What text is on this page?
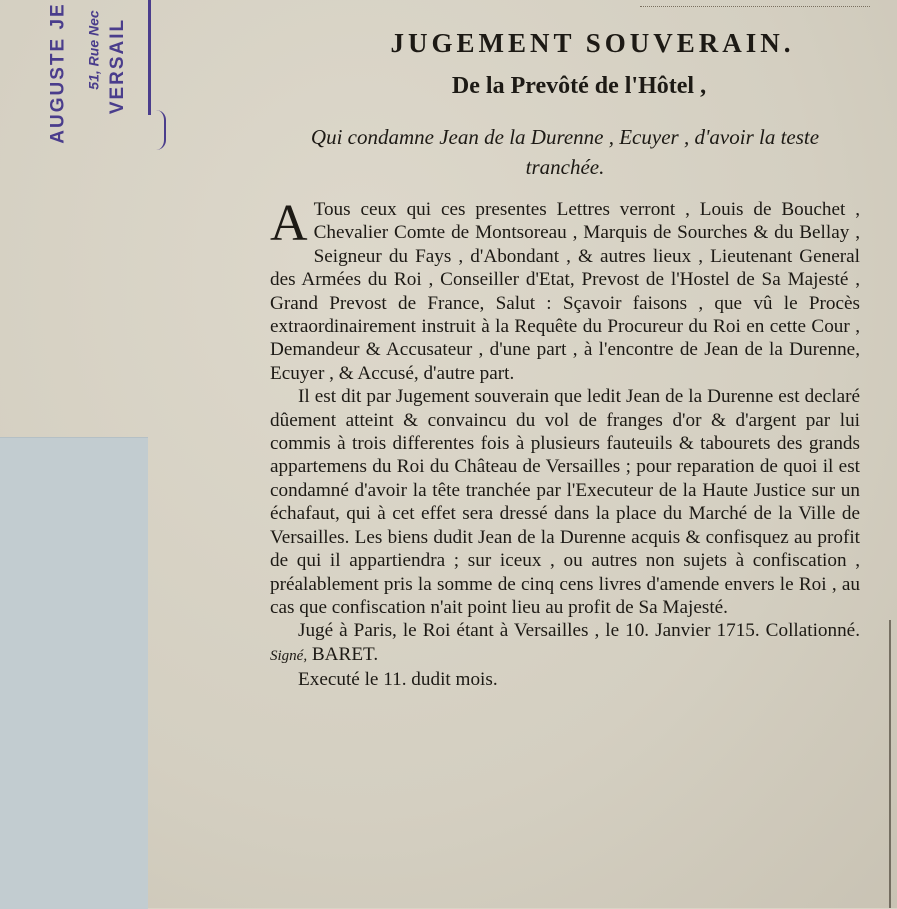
AUGUSTE JE 51, Rue Nec VERSAIL	JUGEMENT SOUVERAIN.
De la Prevôté de l'Hôtel ,

Qui condamne Jean de la Durenne , Ecuyer , d'avoir la teste tranchée.

A Tous ceux qui ces presentes Lettres verront , Louis de Bouchet , Chevalier Comte de Montsoreau , Marquis de Sourches & du Bellay , Seigneur du Fays , d'Abondant , & autres lieux , Lieutenant General des Armées du Roi , Conseiller d'Etat, Prevost de l'Hostel de Sa Majesté , Grand Prevost de France, Salut : Sçavoir faisons , que vû le Procès extraordinairement instruit à la Requête du Procureur du Roi en cette Cour , Demandeur & Accusateur , d'une part , à l'encontre de Jean de la Durenne, Ecuyer , & Accusé, d'autre part.

Il est dit par Jugement souverain que ledit Jean de la Durenne est declaré dûement atteint & convaincu du vol de franges d'or & d'argent par lui commis à trois differentes fois à plusieurs fauteuils & tabourets des grands appartemens du Roi du Château de Versailles ; pour reparation de quoi il est condamné d'avoir la tête tranchée par l'Executeur de la Haute Justice sur un échafaut, qui à cet effet sera dressé dans la place du Marché de la Ville de Versailles. Les biens dudit Jean de la Durenne acquis & confisquez au profit de qui il appartiendra ; sur iceux , ou autres non sujets à confiscation , préalablement pris la somme de cinq cens livres d'amende envers le Roi , au cas que confiscation n'ait point lieu au profit de Sa Majesté.

Jugé à Paris, le Roi étant à Versailles , le 10. Janvier 1715. Collationné. Signé, BARET.

Executé le 11. dudit mois.
